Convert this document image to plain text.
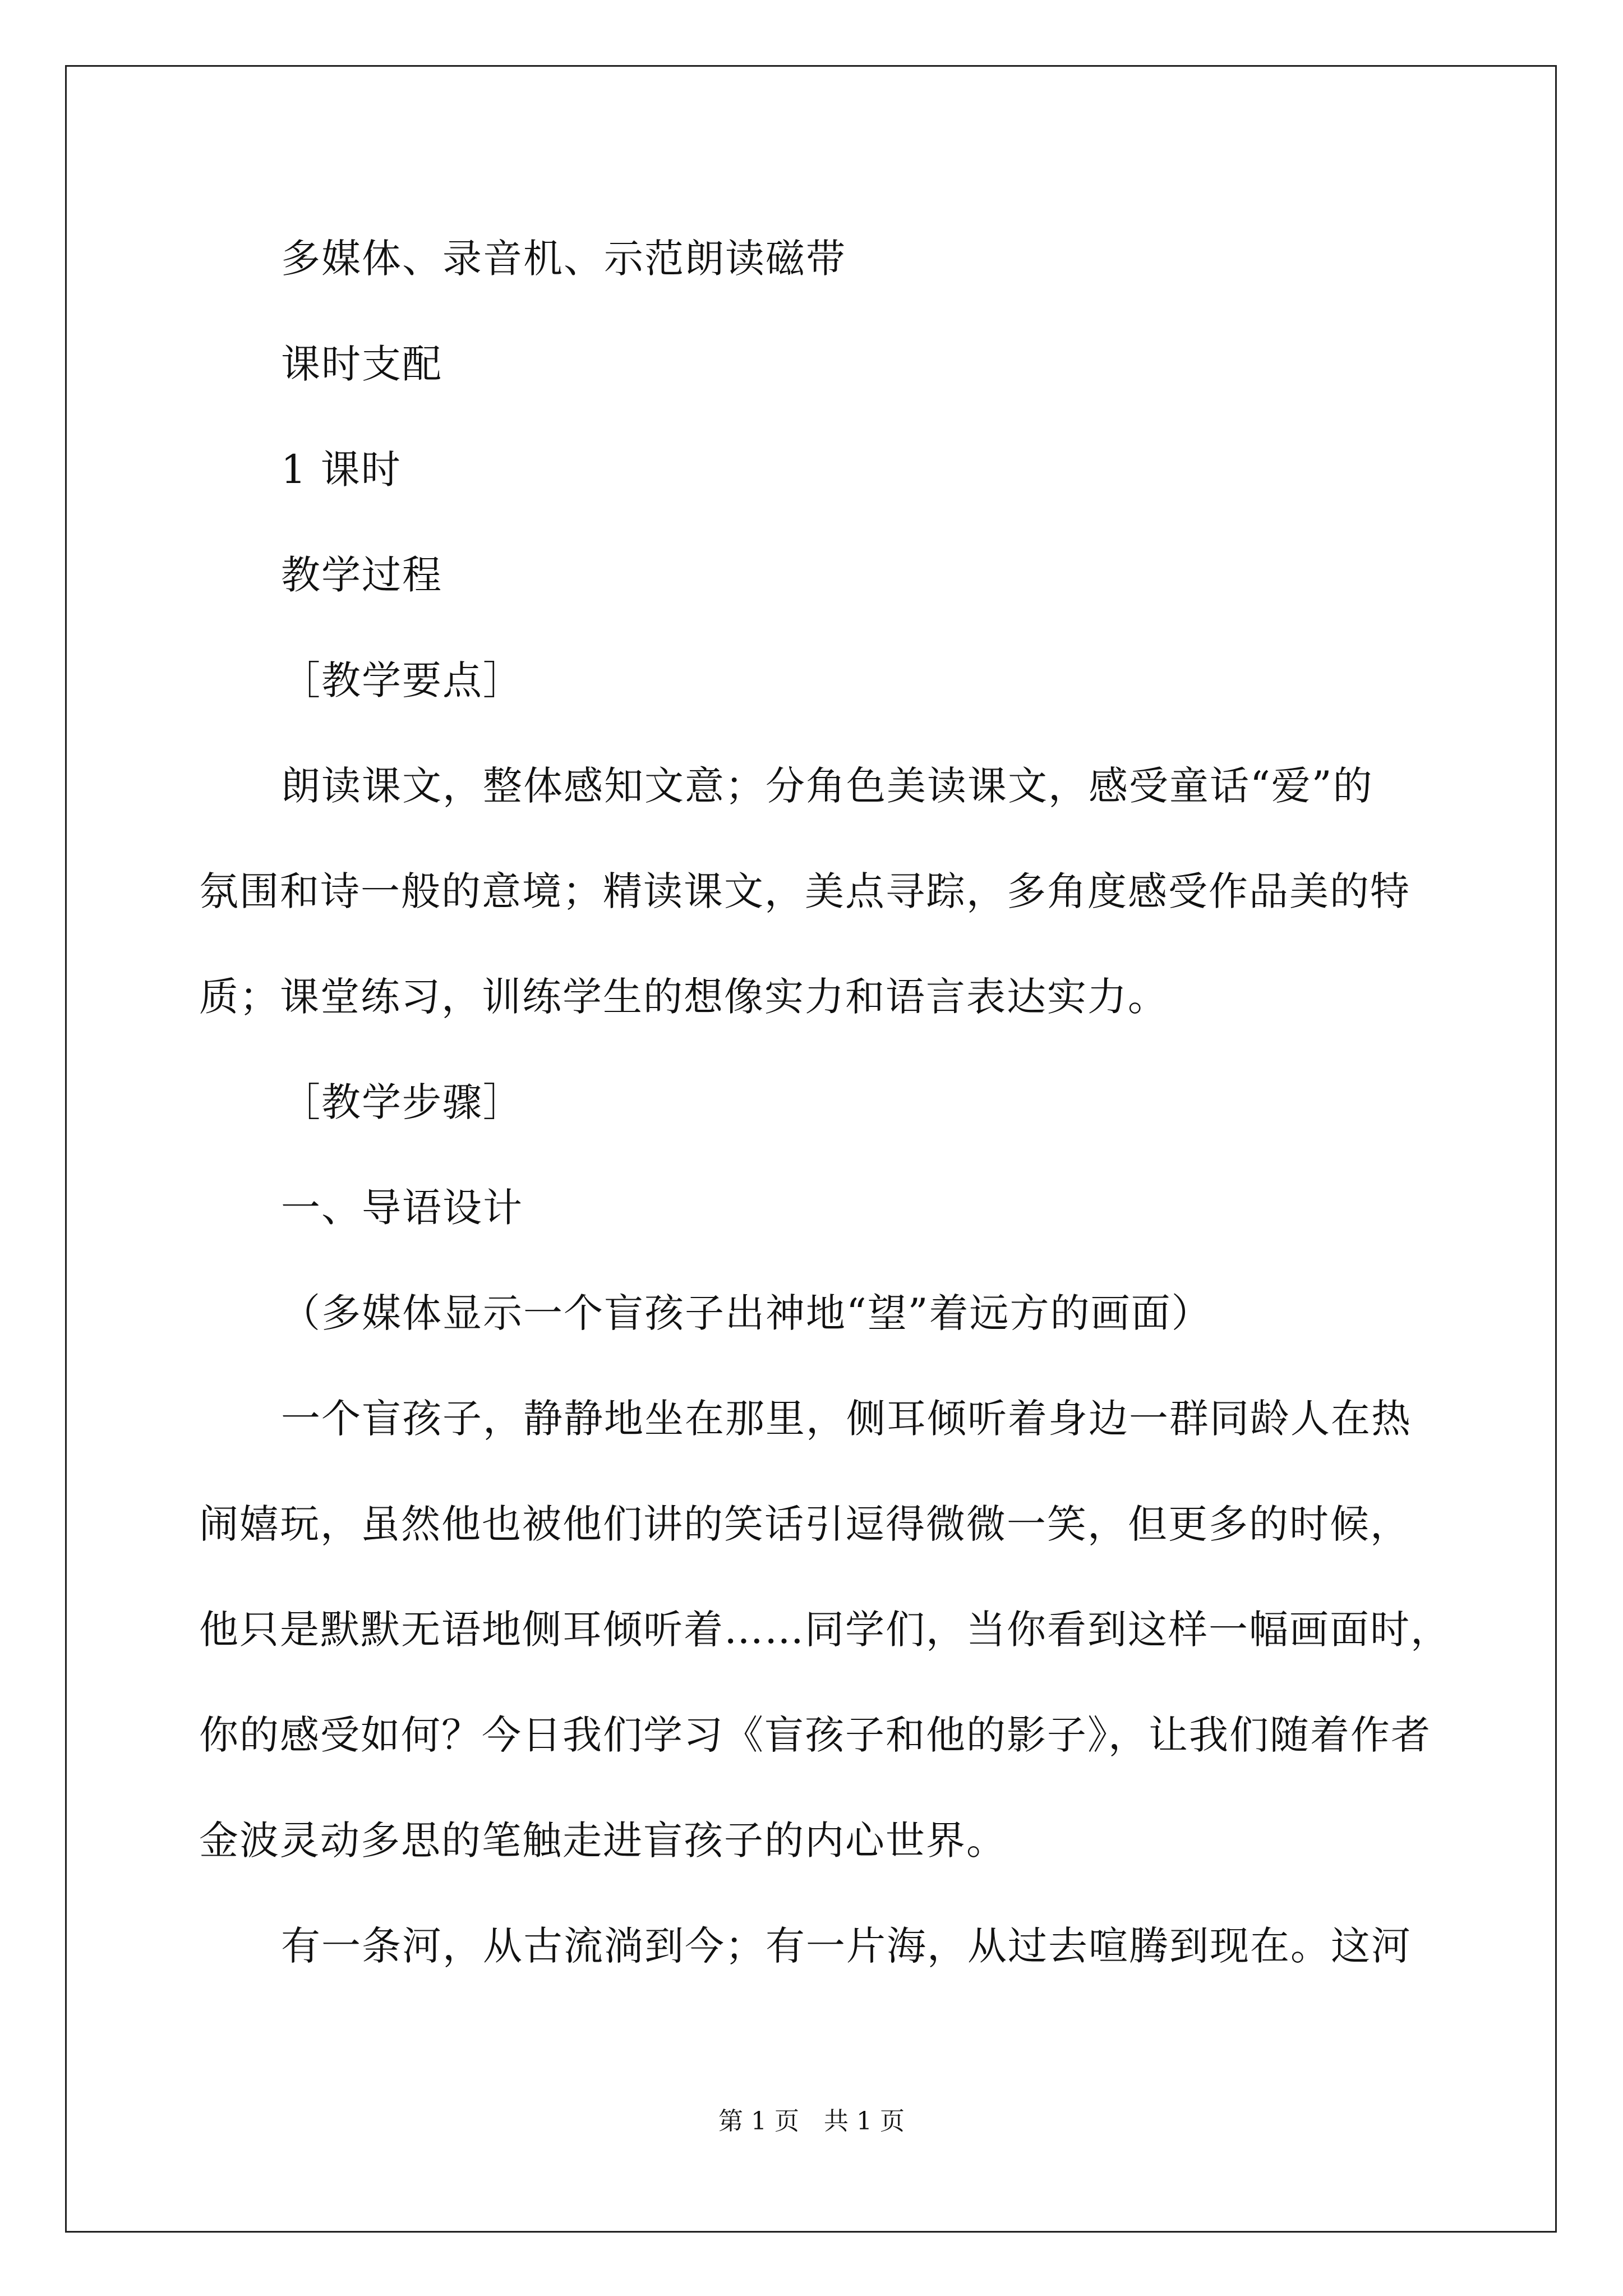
多媒体、录音机、示范朗读磁带

课时支配

1 课时

教学过程

［教学要点］

朗读课文，整体感知文意；分角色美读课文，感受童话“爱”的

氛围和诗一般的意境；精读课文，美点寻踪，多角度感受作品美的特

质；课堂练习，训练学生的想像实力和语言表达实力。

［教学步骤］

一、导语设计

（多媒体显示一个盲孩子出神地“望”着远方的画面）

一个盲孩子，静静地坐在那里，侧耳倾听着身边一群同龄人在热

闹嬉玩，虽然他也被他们讲的笑话引逗得微微一笑，但更多的时候，

他只是默默无语地侧耳倾听着……同学们，当你看到这样一幅画面时，

你的感受如何？今日我们学习《盲孩子和他的影子》，让我们随着作者

金波灵动多思的笔触走进盲孩子的内心世界。

有一条河，从古流淌到今；有一片海，从过去喧腾到现在。这河

第 1 页 共 1 页
